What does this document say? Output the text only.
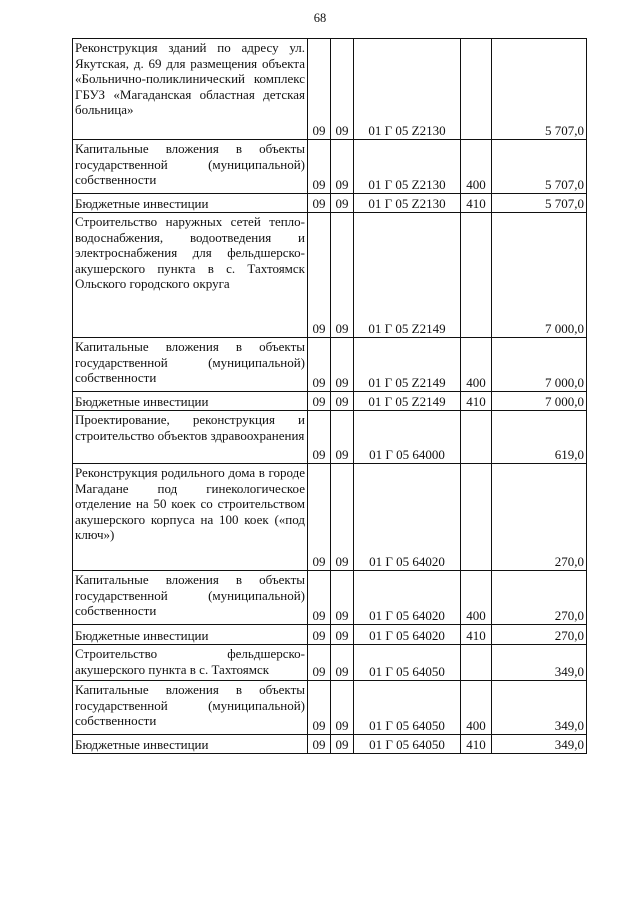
68
Реконструкция зданий по адресу ул. Якутская, д. 69 для размещения объекта «Больнично-поликлинический комплекс ГБУЗ «Магаданская областная детская больница»	09	09	01 Г 05 Z2130		5 707,0

Капитальные вложения в объекты государственной (муниципальной) собственности	09	09	01 Г 05 Z2130	400	5 707,0

Бюджетные инвестиции	09	09	01 Г 05 Z2130	410	5 707,0

Строительство наружных сетей тепло-водоснабжения, водоотведения и электроснабжения для фельдшерско-акушерского пункта в с. Тахтоямск Ольского городского округа	09	09	01 Г 05 Z2149		7 000,0

Капитальные вложения в объекты государственной (муниципальной) собственности	09	09	01 Г 05 Z2149	400	7 000,0

Бюджетные инвестиции	09	09	01 Г 05 Z2149	410	7 000,0

Проектирование, реконструкция и строительство объектов здравоохранения	09	09	01 Г 05 64000		619,0

Реконструкция родильного дома в городе Магадане под гинекологическое отделение на 50 коек со строительством акушерского корпуса на 100 коек («под ключ»)	09	09	01 Г 05 64020		270,0

Капитальные вложения в объекты государственной (муниципальной) собственности	09	09	01 Г 05 64020	400	270,0

Бюджетные инвестиции	09	09	01 Г 05 64020	410	270,0

Строительство фельдшерско-акушерского пункта в с. Тахтоямск	09	09	01 Г 05 64050		349,0

Капитальные вложения в объекты государственной (муниципальной) собственности	09	09	01 Г 05 64050	400	349,0

Бюджетные инвестиции	09	09	01 Г 05 64050	410	349,0
